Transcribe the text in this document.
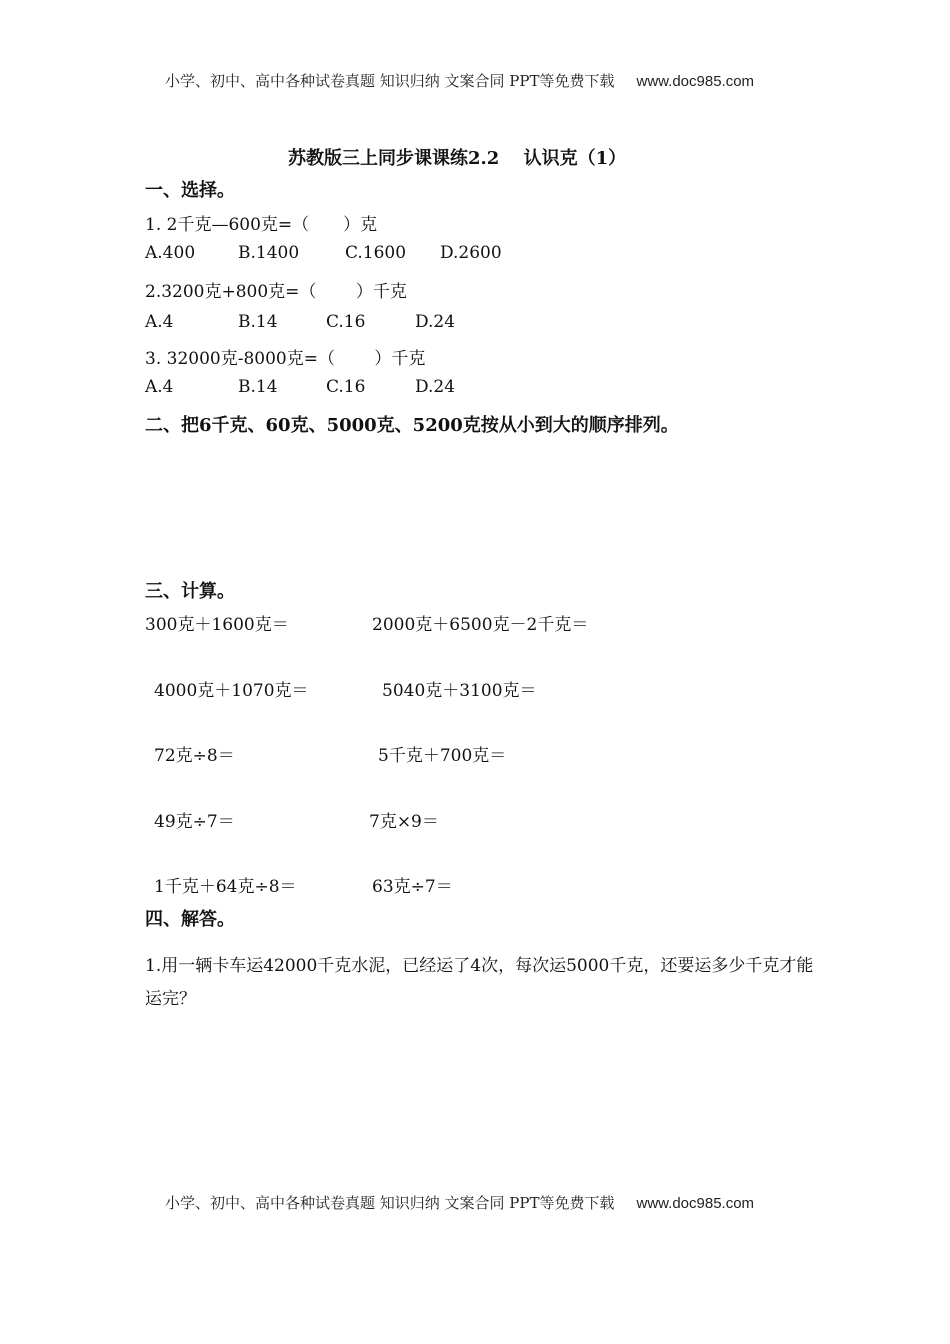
小学、初中、高中各种试卷真题 知识归纳 文案合同 PPT等免费下载 www.doc985.com
苏教版三上同步课课练2.2　 认识克（1）
一、选择。
1. 2千克—600克=（　　）克
A.400	B.1400	C.1600 D.2600
2.3200克+800克=（　　 ）千克
A.4	B.14	C.16	D.24
3. 32000克-8000克=（　　 ）千克
A.4	B.14	C.16	D.24
二、把6千克、60克、5000克、5200克按从小到大的顺序排列。
三、计算。
300克＋1600克＝	2000克＋6500克－2千克＝
4000克＋1070克＝	5040克＋3100克＝
72克÷8＝	5千克＋700克＝
49克÷7＝	7克×9＝
1千克＋64克÷8＝	63克÷7＝
四、解答。
1.用一辆卡车运42000千克水泥，已经运了4次，每次运5000千克，还要运多少千克才能运完？
小学、初中、高中各种试卷真题 知识归纳 文案合同 PPT等免费下载 www.doc985.com
